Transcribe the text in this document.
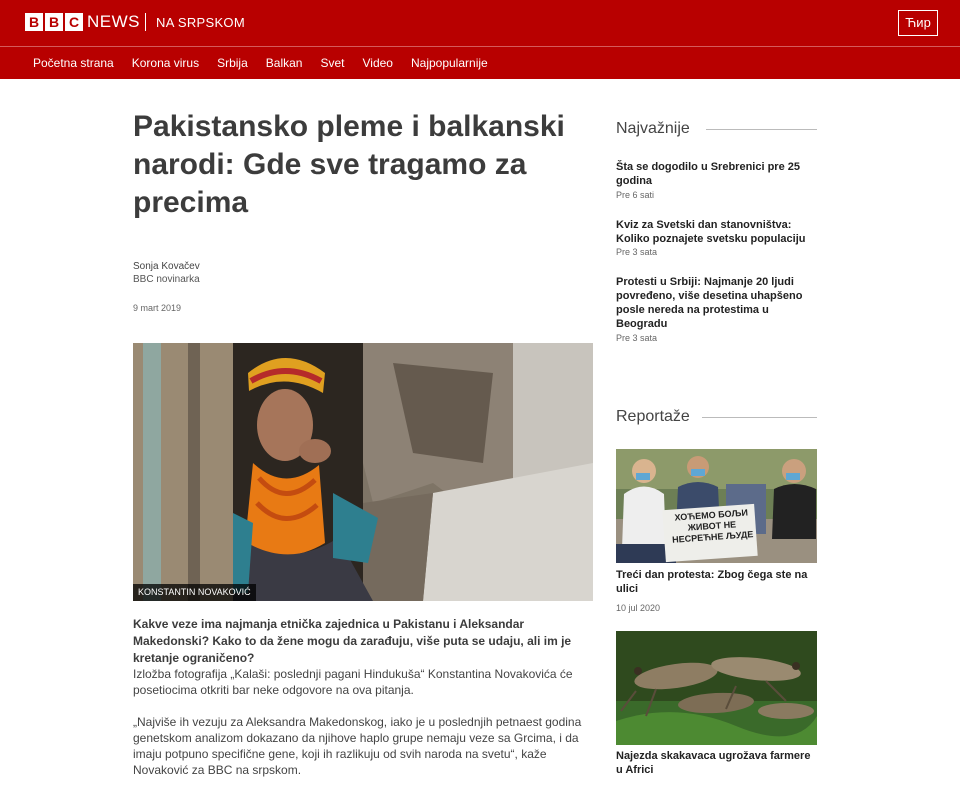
B B C NEWS NA SRPSKOM	Ћир
Početna strana Korona virus Srbija Balkan Svet Video Najpopularnije
Pakistansko pleme i balkanski narodi: Gde sve tragamo za precima
Sonja Kovačev
BBC novinarka
9 mart 2019
KONSTANTIN NOVAKOVIĆ

Kakve veze ima najmanja etnička zajednica u Pakistanu i Aleksandar Makedonski? Kako to da žene mogu da zarađuju, više puta se udaju, ali im je kretanje ograničeno?

Izložba fotografija „Kalaši: poslednji pagani Hindukuša“ Konstantina Novakovića će posetiocima otkriti bar neke odgovore na ova pitanja.

„Najviše ih vezuju za Aleksandra Makedonskog, iako je u poslednjih petnaest godina genetskom analizom dokazano da njihove haplo grupe nemaju veze sa Grcima, i da imaju potpuno specifične gene, koji ih razlikuju od svih naroda na svetu“, kaže Novaković za BBC na srpskom.

Najvažnije
Šta se dogodilo u Srebrenici pre 25 godina
Pre 6 sati
Kviz za Svetski dan stanovništva: Koliko poznajete svetsku populaciju
Pre 3 sata
Protesti u Srbiji: Najmanje 20 ljudi povređeno, više desetina uhapšeno posle nereda na protestima u Beogradu
Pre 3 sata
Reportaže
Treći dan protesta: Zbog čega ste na ulici
10 jul 2020
Najezda skakavaca ugrožava farmere u Africi
ХОЋЕМО БОЉИ ЖИВОТ НЕ НЕСРЕЋНЕ ЉУДЕ
